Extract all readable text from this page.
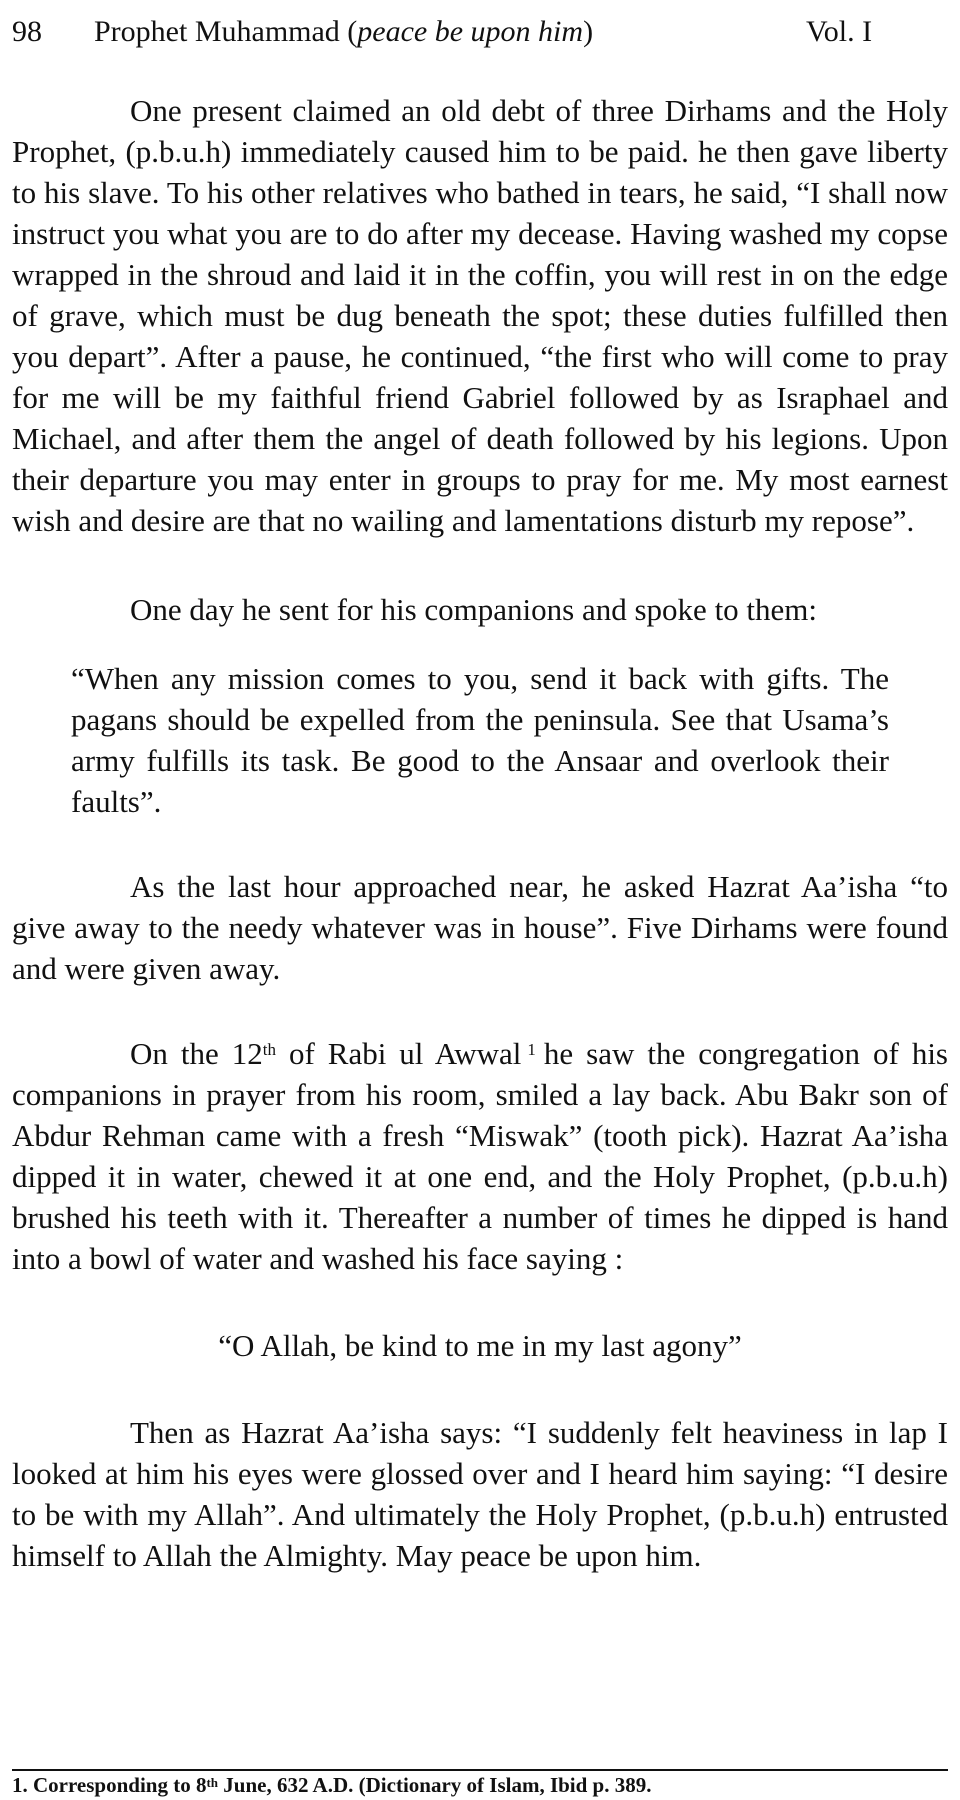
98 Prophet Muhammad (peace be upon him)	Vol. I

One present claimed an old debt of three Dirhams and the Holy Prophet, (p.b.u.h) immediately caused him to be paid. he then gave liberty to his slave. To his other relatives who bathed in tears, he said, “I shall now instruct you what you are to do after my decease. Having washed my copse wrapped in the shroud and laid it in the coffin, you will rest in on the edge of grave, which must be dug beneath the spot; these duties fulfilled then you depart”. After a pause, he continued, “the first who will come to pray for me will be my faithful friend Gabriel followed by as Israphael and Michael, and after them the angel of death followed by his legions. Upon their departure you may enter in groups to pray for me. My most earnest wish and desire are that no wailing and lamentations disturb my repose”.

One day he sent for his companions and spoke to them:

“When any mission comes to you, send it back with gifts. The pagans should be expelled from the peninsula. See that Usama’s army fulfills its task. Be good to the Ansaar and overlook their faults”.

As the last hour approached near, he asked Hazrat Aa’isha “to give away to the needy whatever was in house”. Five Dirhams were found and were given away.

On the 12th of Rabi ul Awwal $^1$ he saw the congregation of his companions in prayer from his room, smiled a lay back. Abu Bakr son of Abdur Rehman came with a fresh “Miswak” (tooth pick). Hazrat Aa’isha dipped it in water, chewed it at one end, and the Holy Prophet, (p.b.u.h) brushed his teeth with it. Thereafter a number of times he dipped is hand into a bowl of water and washed his face saying :

“O Allah, be kind to me in my last agony”

Then as Hazrat Aa’isha says: “I suddenly felt heaviness in lap I looked at him his eyes were glossed over and I heard him saying: “I desire to be with my Allah”. And ultimately the Holy Prophet, (p.b.u.h) entrusted himself to Allah the Almighty. May peace be upon him.

1. Corresponding to 8th June, 632 A.D. (Dictionary of Islam, Ibid p. 389.
